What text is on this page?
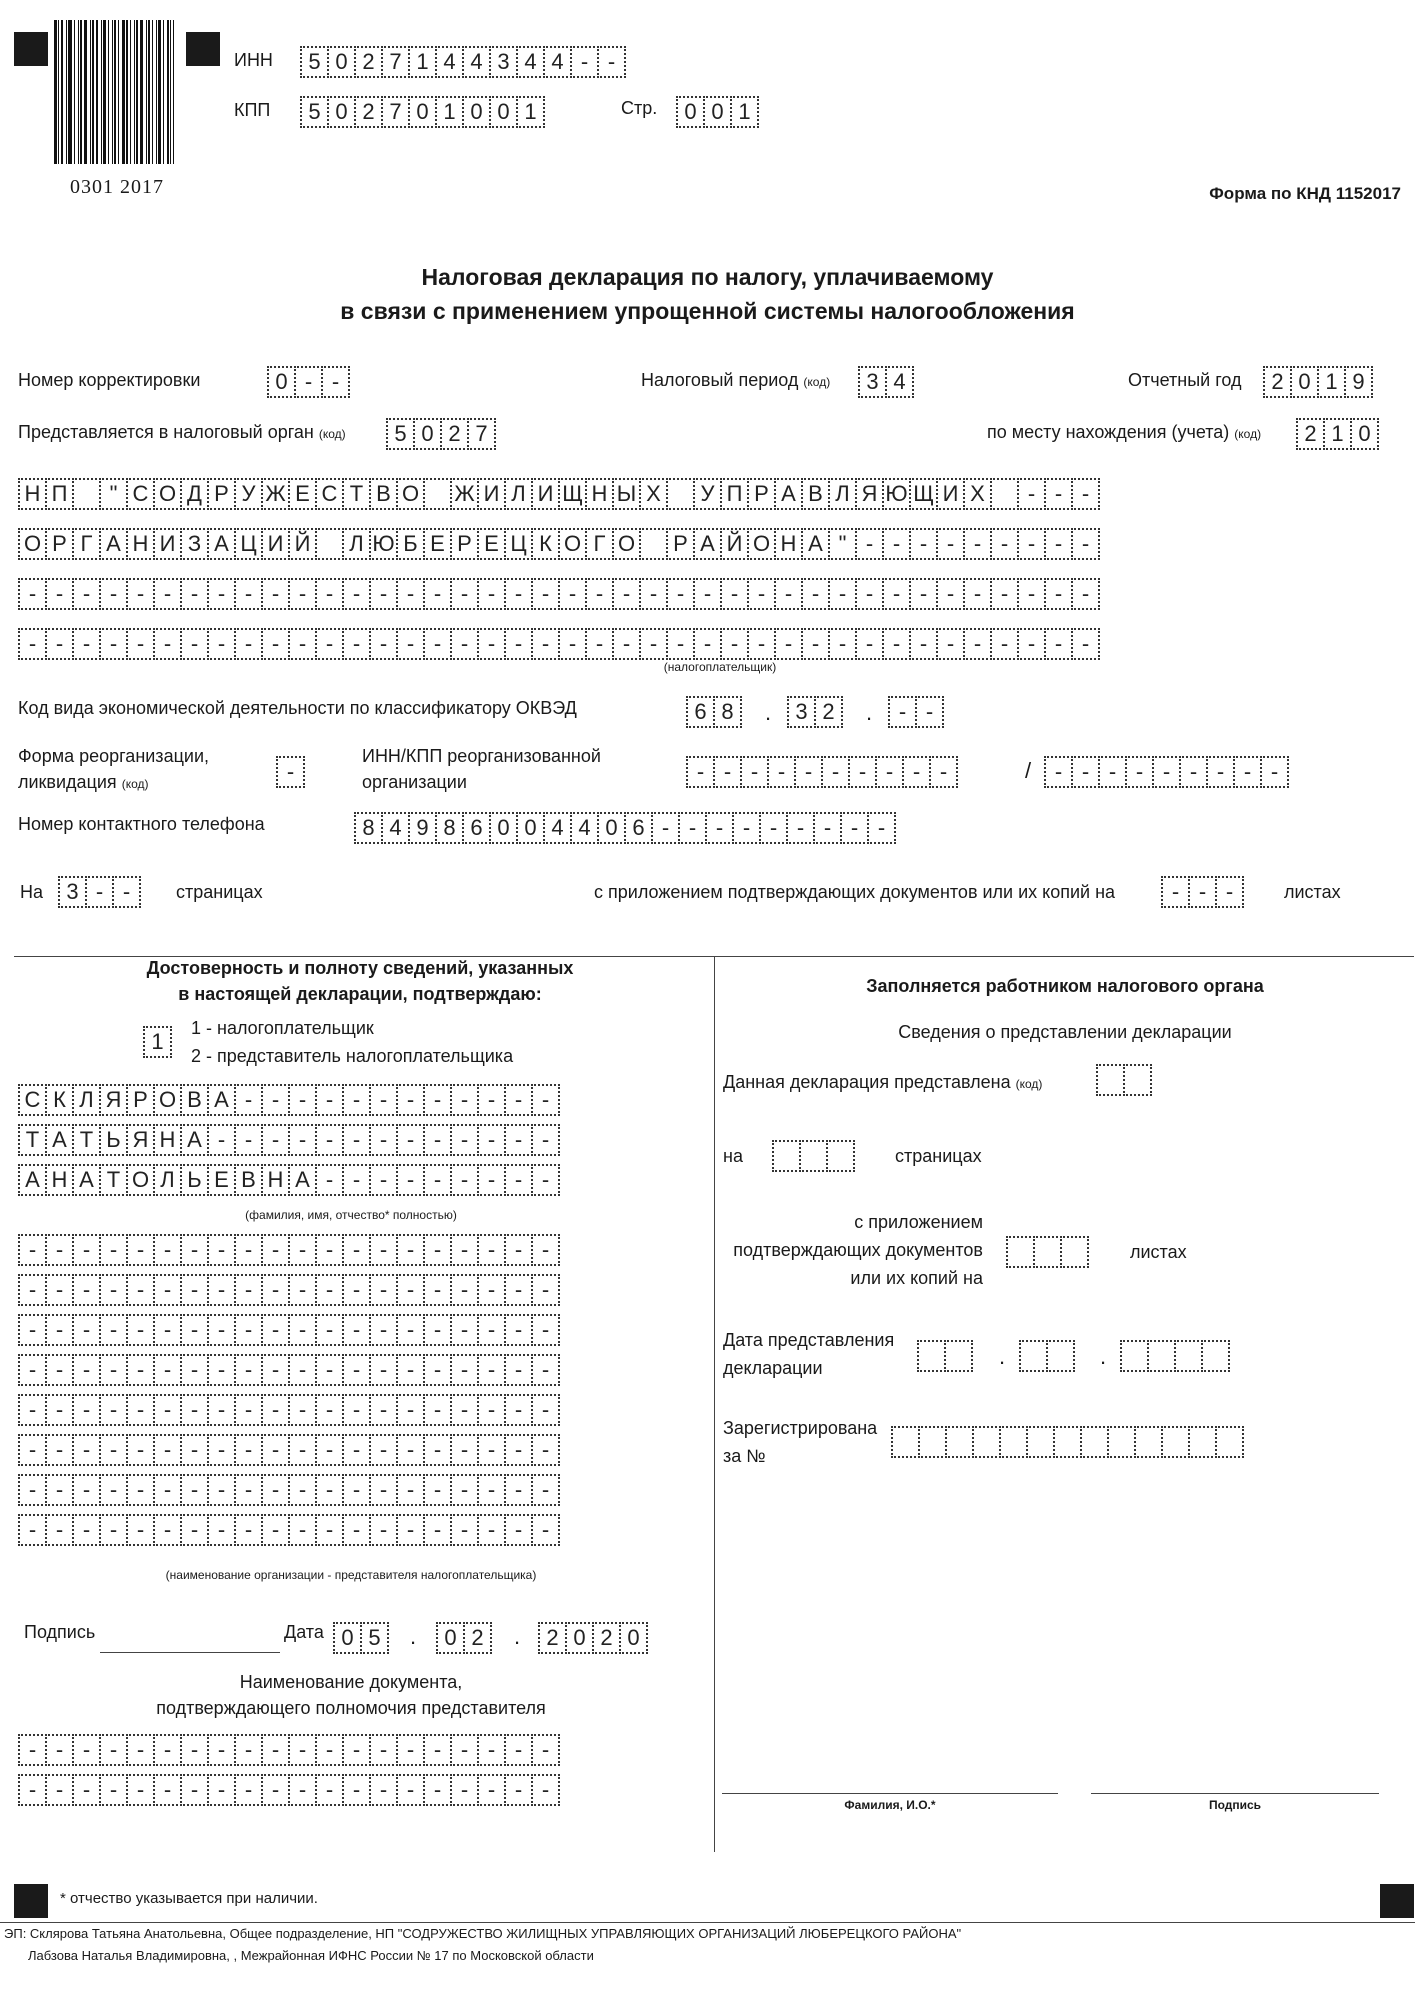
0301 2017
ИНН	5 0 2 7 1 4 4 3 4 4 - -
КПП	5 0 2 7 0 1 0 0 1	Стр.	0 0 1
Форма по КНД 1152017
Налоговая декларация по налогу, уплачиваемому
в связи с применением упрощенной системы налогообложения
Номер корректировки	0 - -	Налоговый период (код)	3 4	Отчетный год	2 0 1 9
Представляется в налоговый орган (код)	5 0 2 7	по месту нахождения (учета) (код)	2 1 0
Н П	" С О Д Р У Ж Е С Т В О Ж И Л И Щ Н Ы Х	У П Р А В Л Я Ю Щ И Х	- - -
О Р Г А Н И З А Ц И Й	Л Ю Б Е Р Е Ц К О Г О	Р А Й О Н А " - - - - - - - - -
- - - - - - - - - - - - - - - - - - - - - - - - - - - - - - - - - - - - - - - -
- - - - - - - - - - - - - - - - - - - - - - - - - - - - - - - - - - - - - - - -
(налогоплательщик)
Код вида экономической деятельности по классификатору ОКВЭД	6 8	.	3 2	.	- -
Форма реорганизации,
ликвидация (код)	-
ИНН/КПП реорганизованной
организации	- - - - - - - - - -	/	- - - - - - - - -
Номер контактного телефона	8 4 9 8 6 0 0 4 4 0 6 - - - - - - - - -
На	3 - -	страницах	с приложением подтверждающих документов или их копий на	- - -	листах
Достоверность и полноту сведений, указанных
в настоящей декларации, подтверждаю:
1
1 - налогоплательщик
2 - представитель налогоплательщика
С К Л Я Р О В А - - - - - - - - - - - -
Т А Т Ь Я Н А - - - - - - - - - - - - -
А Н А Т О Л Ь Е В Н А - - - - - - - - -
(фамилия, имя, отчество* полностью)
- - - - - - - - - - - - - - - - - - - -
- - - - - - - - - - - - - - - - - - - -
- - - - - - - - - - - - - - - - - - - -
- - - - - - - - - - - - - - - - - - - -
- - - - - - - - - - - - - - - - - - - -
- - - - - - - - - - - - - - - - - - - -
- - - - - - - - - - - - - - - - - - - -
- - - - - - - - - - - - - - - - - - - -
(наименование организации - представителя налогоплательщика)
Подпись	Дата 0 5	.	0 2	.	2 0 2 0
Наименование документа,
подтверждающего полномочия представителя
- - - - - - - - - - - - - - - - - - - -
- - - - - - - - - - - - - - - - - - - -
Заполняется работником налогового органа
Сведения о представлении декларации
Данная декларация представлена (код)
на	страницах
с приложением
подтверждающих документов
или их копий на
листах
Дата представления
декларации	.	.
Зарегистрирована
за №
Фамилия, И.О.*	Подпись
* отчество указывается при наличии.
ЭП: Склярова Татьяна Анатольевна, Общее подразделение, НП "СОДРУЖЕСТВО ЖИЛИЩНЫХ УПРАВЛЯЮЩИХ ОРГАНИЗАЦИЙ ЛЮБЕРЕЦКОГО РАЙОНА"
Лабзова Наталья Владимировна, , Межрайонная ИФНС России № 17 по Московской области
